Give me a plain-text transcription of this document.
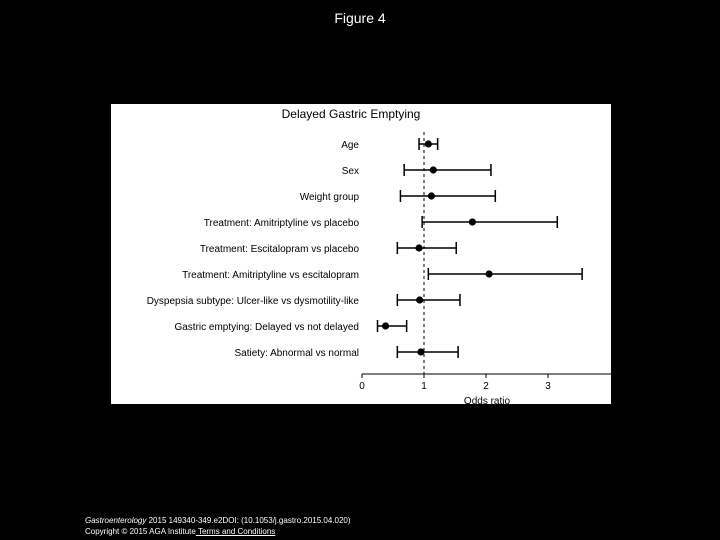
Figure 4
Delayed Gastric Emptying
Age
Sex
Weight group
Treatment: Amitriptyline vs placebo
Treatment: Escitalopram vs placebo
Treatment: Amitriptyline vs escitalopram
Dyspepsia subtype: Ulcer-like vs dysmotility-like
Gastric emptying: Delayed vs not delayed
Satiety: Abnormal vs normal
0	1	2	3
Odds ratio
Gastroenterology 2015 149340-349.e2DOI: (10.1053/j.gastro.2015.04.020)
Copyright © 2015 AGA Institute Terms and Conditions
